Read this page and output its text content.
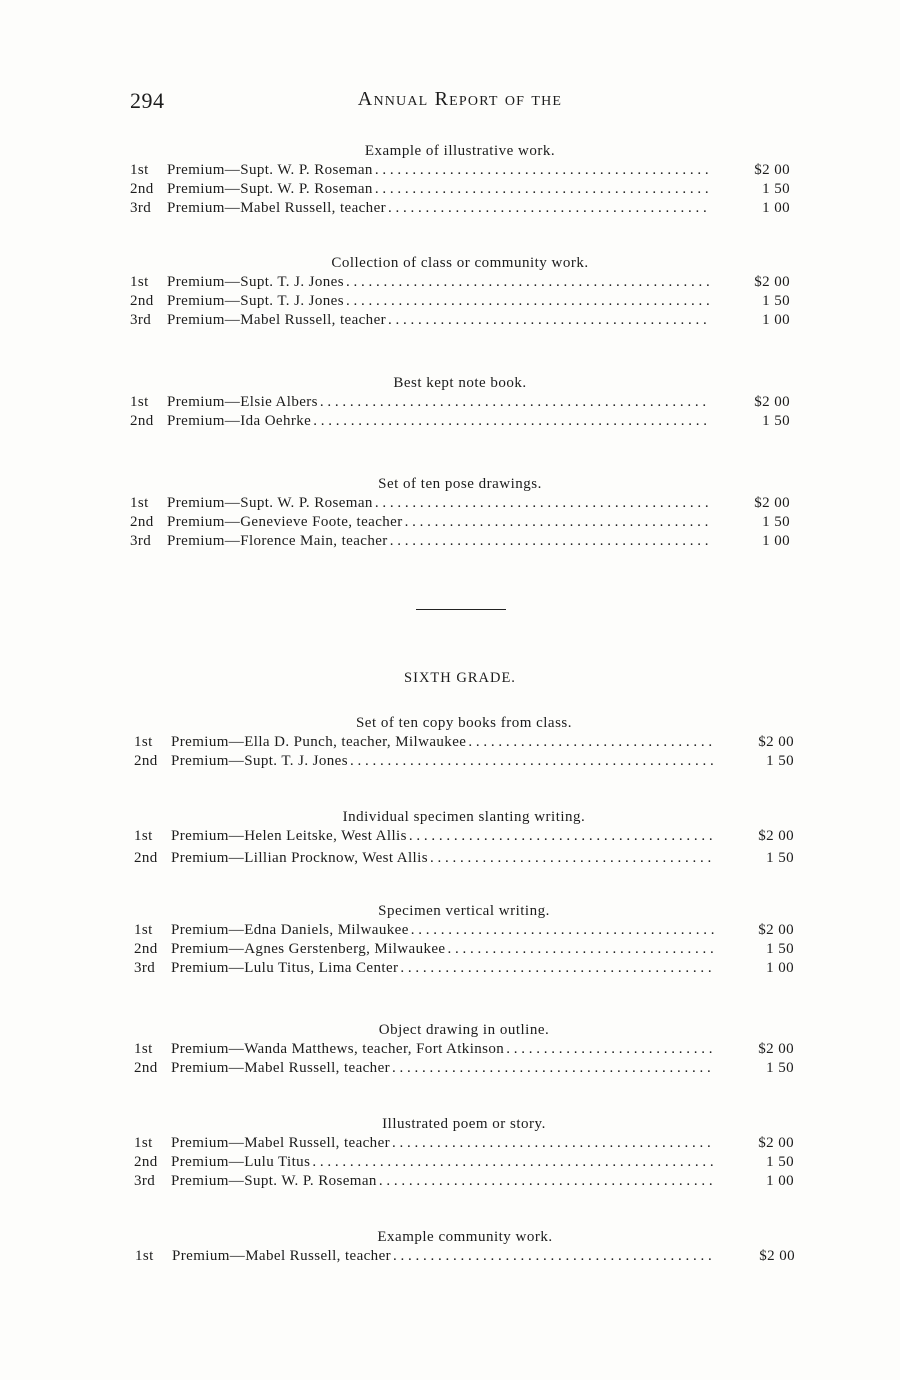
294	Annual Report of the
Example of illustrative work.
1st	Premium—Supt. W. P. Roseman . . .	$2 00
2nd Premium—Supt. W. P. Roseman . . .	1 50
3rd	Premium—Mabel Russell, teacher . . .	1 00
Collection of class or community work.
1st	Premium—Supt. T. J. Jones . . .	$2 00
2nd Premium—Supt. T. J. Jones . . .	1 50
3rd	Premium—Mabel Russell, teacher . . .	1 00
Best kept note book.
1st	Premium—Elsie Albers . . .	$2 00
2nd Premium—Ida Oehrke . . .	1 50
Set of ten pose drawings.
1st	Premium—Supt. W. P. Roseman . . .	$2 00
2nd Premium—Genevieve Foote, teacher . . .	1 50
3rd	Premium—Florence Main, teacher . . .	1 00
SIXTH GRADE.
Set of ten copy books from class.
1st	Premium—Ella D. Punch, teacher, Milwaukee . . .	$2 00
2nd Premium—Supt. T. J. Jones . . .	1 50
Individual specimen slanting writing.
1st	Premium—Helen Leitske, West Allis . . .	$2 00
2nd Premium—Lillian Procknow, West Allis . . .	1 50
Specimen vertical writing.
1st	Premium—Edna Daniels, Milwaukee . . .	$2 00
2nd Premium—Agnes Gerstenberg, Milwaukee . . .	1 50
3rd	Premium—Lulu Titus, Lima Center . . .	1 00
Object drawing in outline.
1st	Premium—Wanda Matthews, teacher, Fort Atkinson . . .	$2 00
2nd Premium—Mabel Russell, teacher . . .	1 50
Illustrated poem or story.
1st	Premium—Mabel Russell, teacher . . .	$2 00
2nd Premium—Lulu Titus . . .	1 50
3rd	Premium—Supt. W. P. Roseman . . .	1 00
Example community work.
1st	Premium—Mabel Russell, teacher . . .	$2 00
